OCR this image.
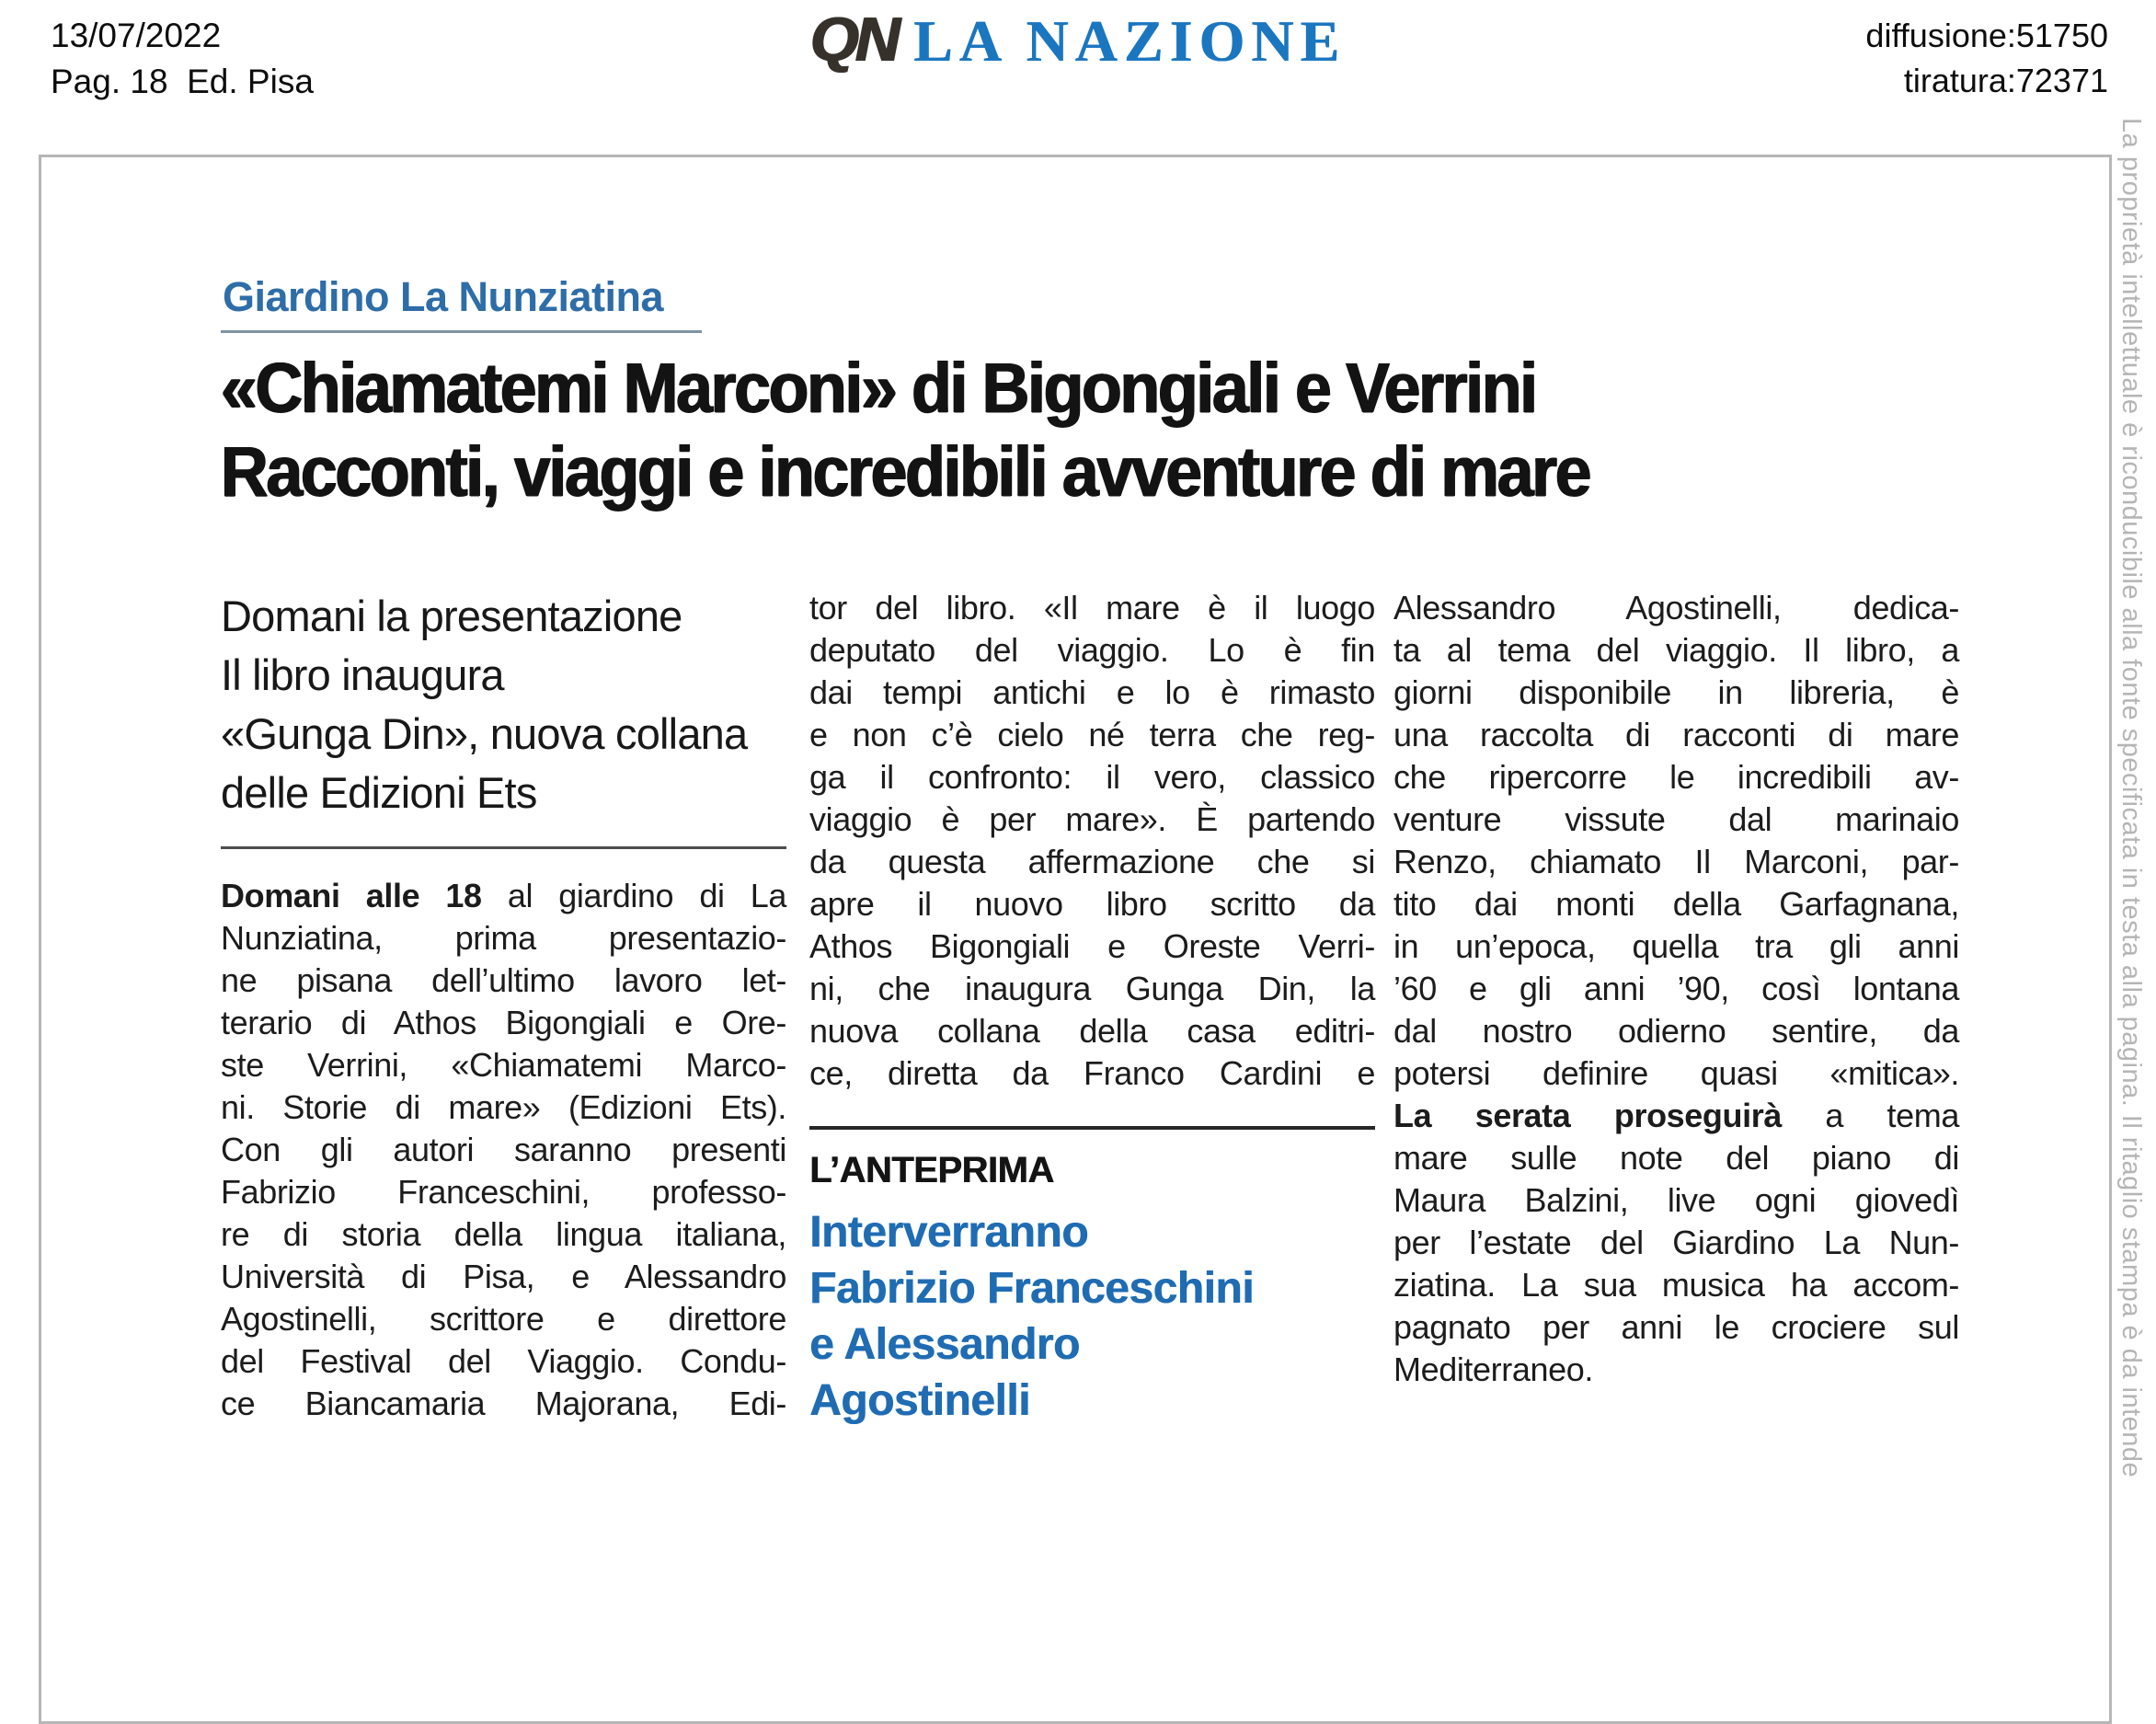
13/07/2022
Pag. 18  Ed. Pisa
QN LA NAZIONE	diffusione:51750
tiratura:72371
Giardino La Nunziatina
«Chiamatemi Marconi» di Bigongiali e Verrini
Racconti, viaggi e incredibili avventure di mare
Domani la presentazione
Il libro inaugura
«Gunga Din», nuova collana
delle Edizioni Ets
Domani alle 18 al giardino di La
Nunziatina, prima presentazio-
ne pisana dell’ultimo lavoro let-
terario di Athos Bigongiali e Ore-
ste Verrini, «Chiamatemi Marco-
ni. Storie di mare» (Edizioni Ets).
Con gli autori saranno presenti
Fabrizio Franceschini, professo-
re di storia della lingua italiana,
Università di Pisa, e Alessandro
Agostinelli, scrittore e direttore
del Festival del Viaggio. Condu-
ce Biancamaria Majorana, Edi-
tor del libro. «Il mare è il luogo
deputato del viaggio. Lo è fin
dai tempi antichi e lo è rimasto
e non c’è cielo né terra che reg-
ga il confronto: il vero, classico
viaggio è per mare». È partendo
da questa affermazione che si
apre il nuovo libro scritto da
Athos Bigongiali e Oreste Verri-
ni, che inaugura Gunga Din, la
nuova collana della casa editri-
ce, diretta da Franco Cardini e
L’ANTEPRIMA
Interverranno
Fabrizio Franceschini
e Alessandro
Agostinelli
Alessandro Agostinelli, dedica-
ta al tema del viaggio. Il libro, a
giorni disponibile in libreria, è
una raccolta di racconti di mare
che ripercorre le incredibili av-
venture vissute dal marinaio
Renzo, chiamato Il Marconi, par-
tito dai monti della Garfagnana,
in un’epoca, quella tra gli anni
’60 e gli anni ’90, così lontana
dal nostro odierno sentire, da
potersi definire quasi «mitica».
La serata proseguirà a tema
mare sulle note del piano di
Maura Balzini, live ogni giovedì
per l’estate del Giardino La Nun-
ziatina. La sua musica ha accom-
pagnato per anni le crociere sul
Mediterraneo.	La proprietà intellettuale è riconducibile alla fonte specificata in testa alla pagina. Il ritaglio stampa è da intende
